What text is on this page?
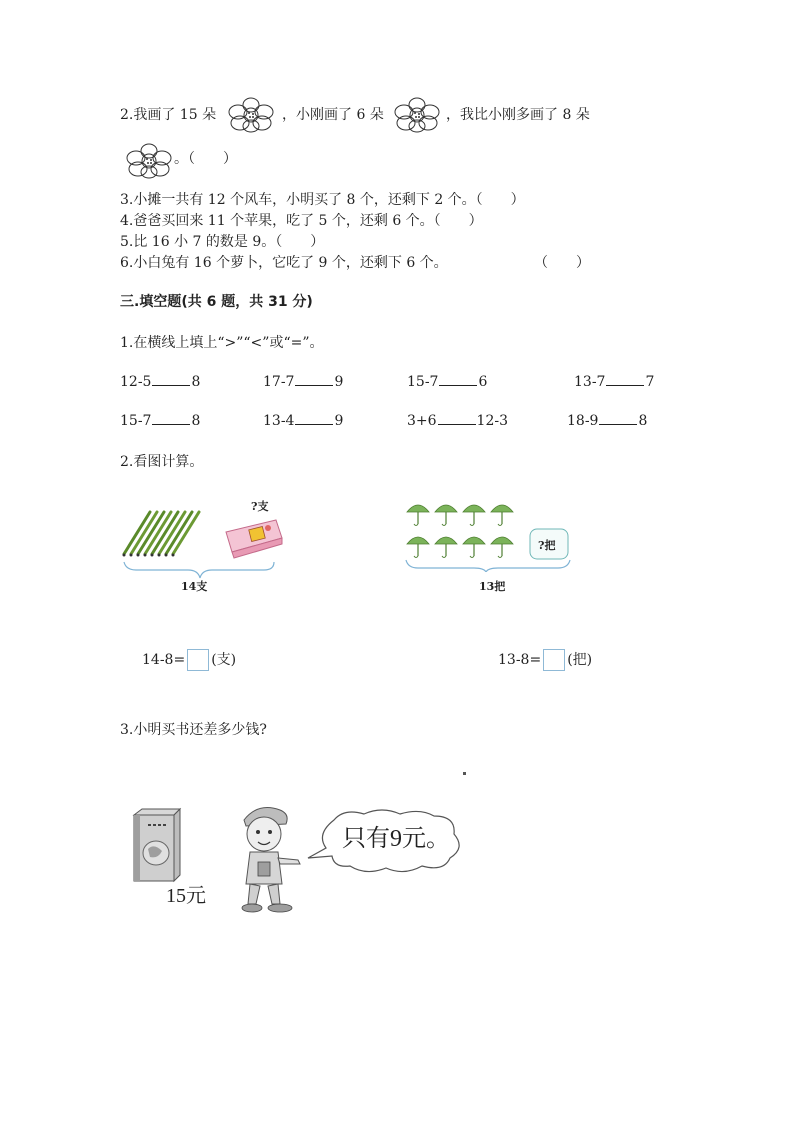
2.我画了 15 朵	，小刚画了 6 朵	，我比小刚多画了 8 朵
。（　　）
3.小摊一共有 12 个风车，小明买了 8 个，还剩下 2 个。（　　）
4.爸爸买回来 11 个苹果，吃了 5 个，还剩 6 个。（　　）
5.比 16 小 7 的数是 9。（　　）
6.小白兔有 16 个萝卜，它吃了 9 个，还剩下 6 个。	（　　）
三.填空题(共 6 题，共 31 分)
1.在横线上填上“>”“<”或“=”。
12-5	8	17-7	9	15-7	6	13-7	7
15-7	8	13-4	9	3+6	12-3	18-9	8
2.看图计算。
?支
14支
?把
13把
14-8= (支)	13-8= (把)
3.小明买书还差多少钱?
15元
只有9元。
